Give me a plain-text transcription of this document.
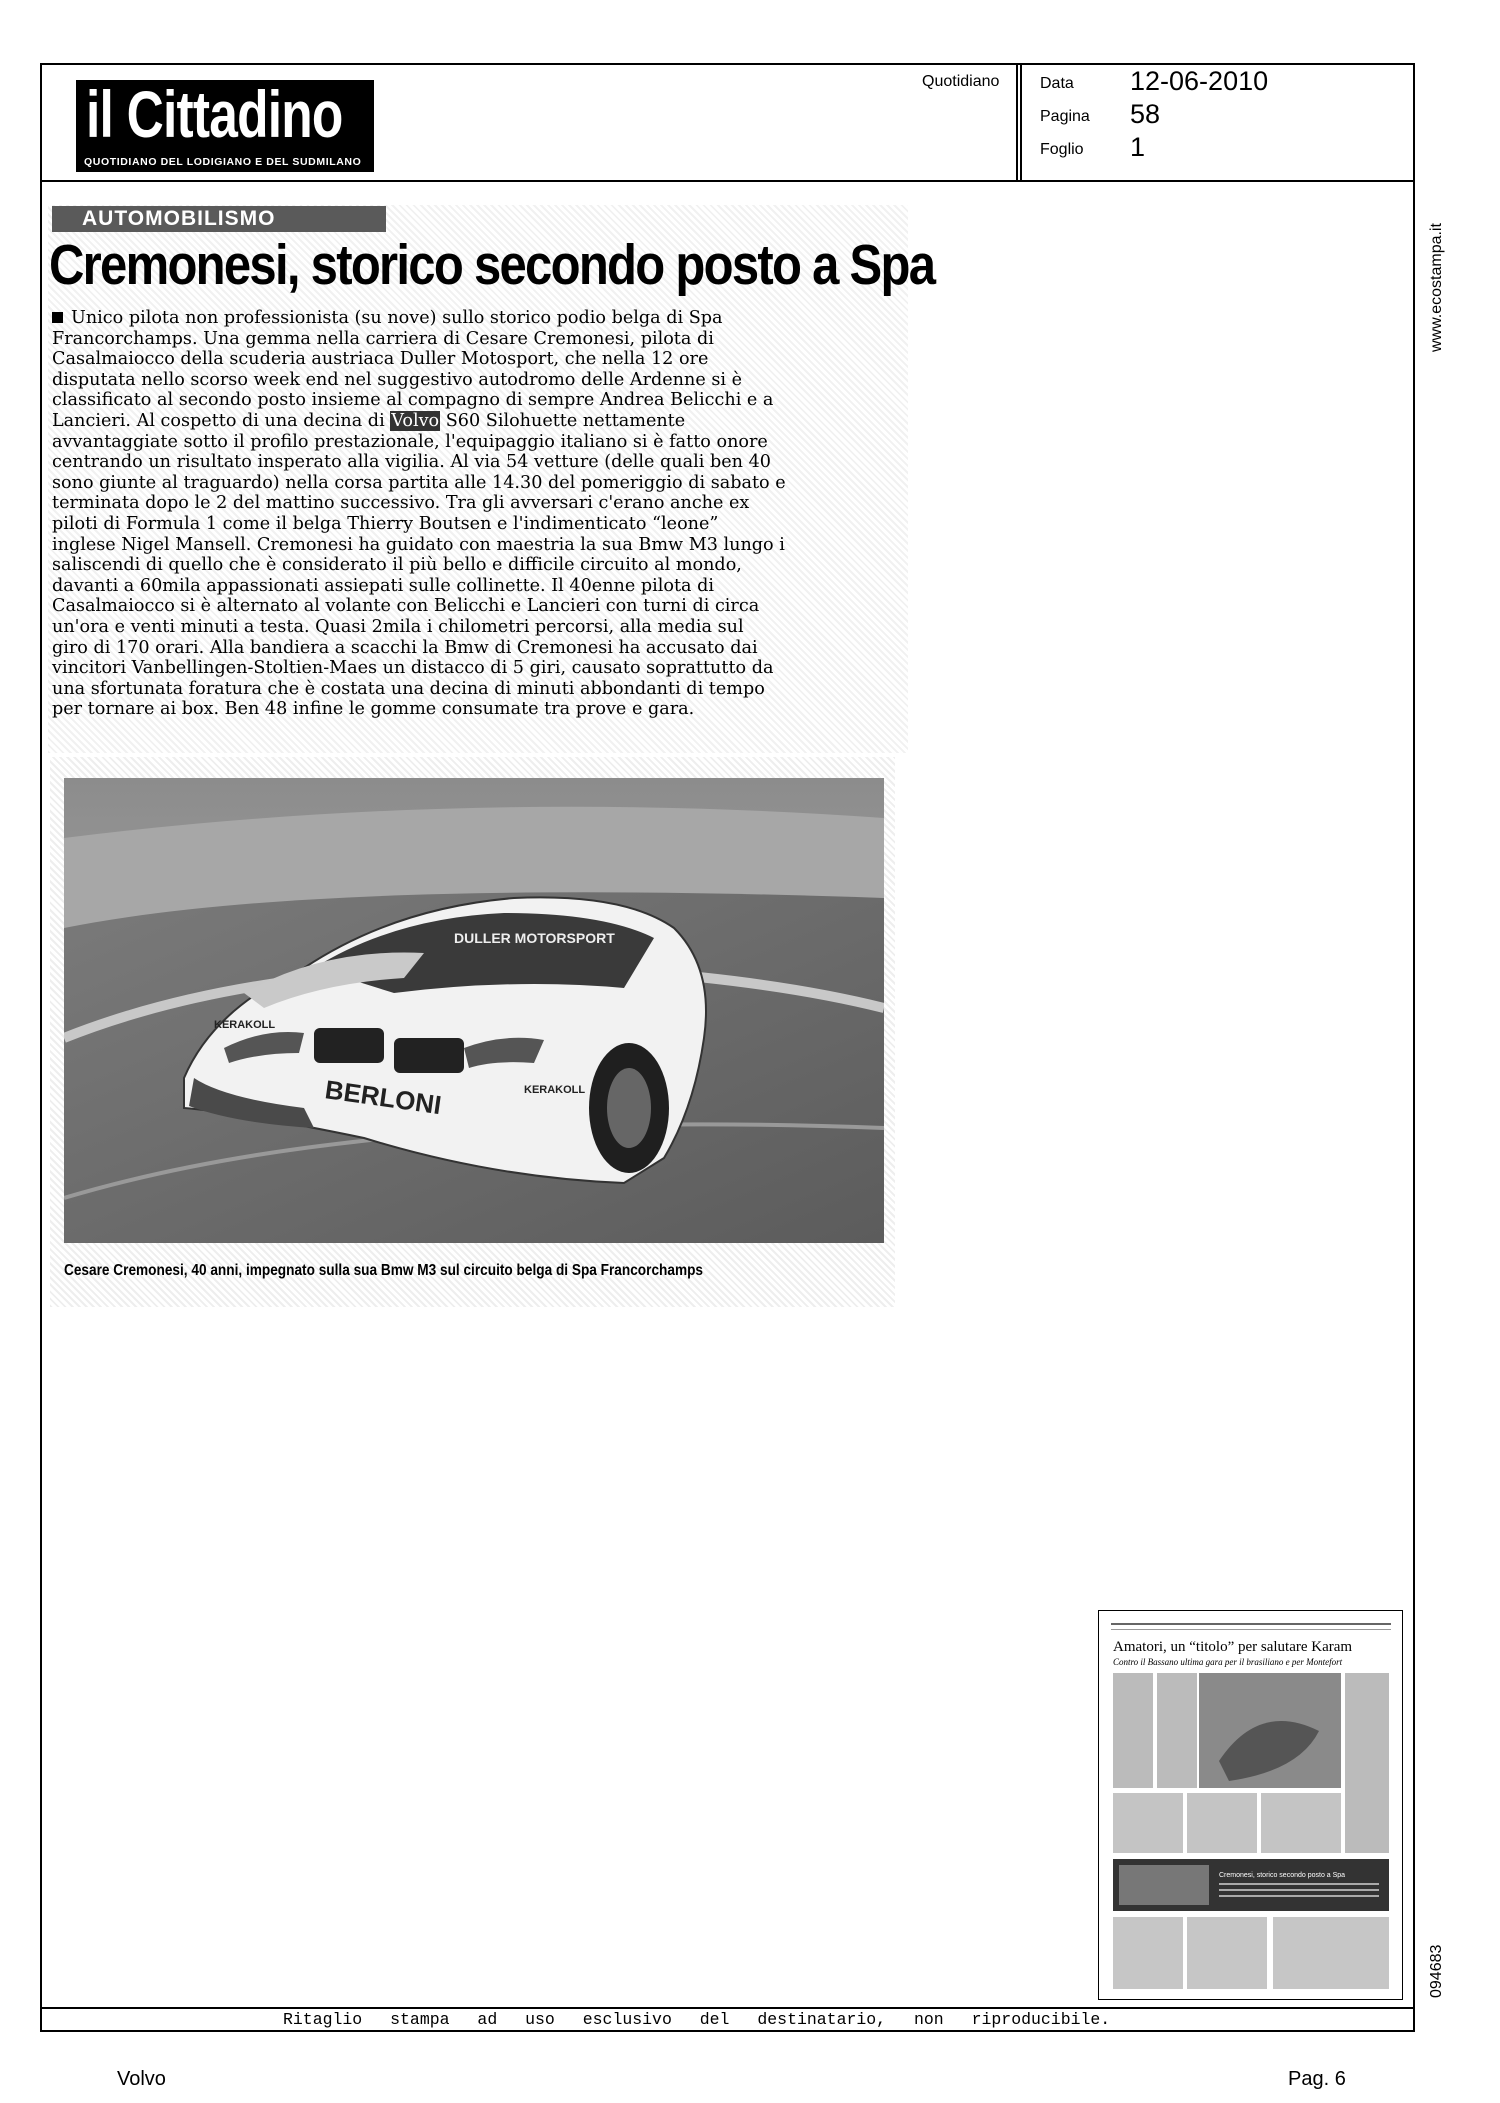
il Cittadino
QUOTIDIANO DEL LODIGIANO E DEL SUDMILANO
Quotidiano	Data 12-06-2010
Pagina 58
Foglio 1
AUTOMOBILISMO
Cremonesi, storico secondo posto a Spa
Unico pilota non professionista (su nove) sullo storico podio belga di Spa
Francorchamps. Una gemma nella carriera di Cesare Cremonesi, pilota di
Casalmaiocco della scuderia austriaca Duller Motosport, che nella 12 ore
disputata nello scorso week end nel suggestivo autodromo delle Ardenne si è
classificato al secondo posto insieme al compagno di sempre Andrea Belicchi e a
Lancieri. Al cospetto di una decina di Volvo S60 Silohuette nettamente
avvantaggiate sotto il profilo prestazionale, l'equipaggio italiano si è fatto onore
centrando un risultato insperato alla vigilia. Al via 54 vetture (delle quali ben 40
sono giunte al traguardo) nella corsa partita alle 14.30 del pomeriggio di sabato e
terminata dopo le 2 del mattino successivo. Tra gli avversari c'erano anche ex
piloti di Formula 1 come il belga Thierry Boutsen e l'indimenticato “leone”
inglese Nigel Mansell. Cremonesi ha guidato con maestria la sua Bmw M3 lungo i
saliscendi di quello che è considerato il più bello e difficile circuito al mondo,
davanti a 60mila appassionati assiepati sulle collinette. Il 40enne pilota di
Casalmaiocco si è alternato al volante con Belicchi e Lancieri con turni di circa
un'ora e venti minuti a testa. Quasi 2mila i chilometri percorsi, alla media sul
giro di 170 orari. Alla bandiera a scacchi la Bmw di Cremonesi ha accusato dai
vincitori Vanbellingen-Stoltien-Maes un distacco di 5 giri, causato soprattutto da
una sfortunata foratura che è costata una decina di minuti abbondanti di tempo
per tornare ai box. Ben 48 infine le gomme consumate tra prove e gara.
DULLER MOTORSPORT
BERLONI
KERAKOLL
KERAKOLL
Cesare Cremonesi, 40 anni, impegnato sulla sua Bmw M3 sul circuito belga di Spa Francorchamps
www.ecostampa.it
094683
Amatori, un “titolo” per salutare Karam
Contro il Bassano ultima gara per il brasiliano e per Montefort
Cremonesi, storico secondo posto a Spa
Ritaglio stampa ad uso esclusivo del destinatario, non riproducibile.
Volvo	Pag. 6
